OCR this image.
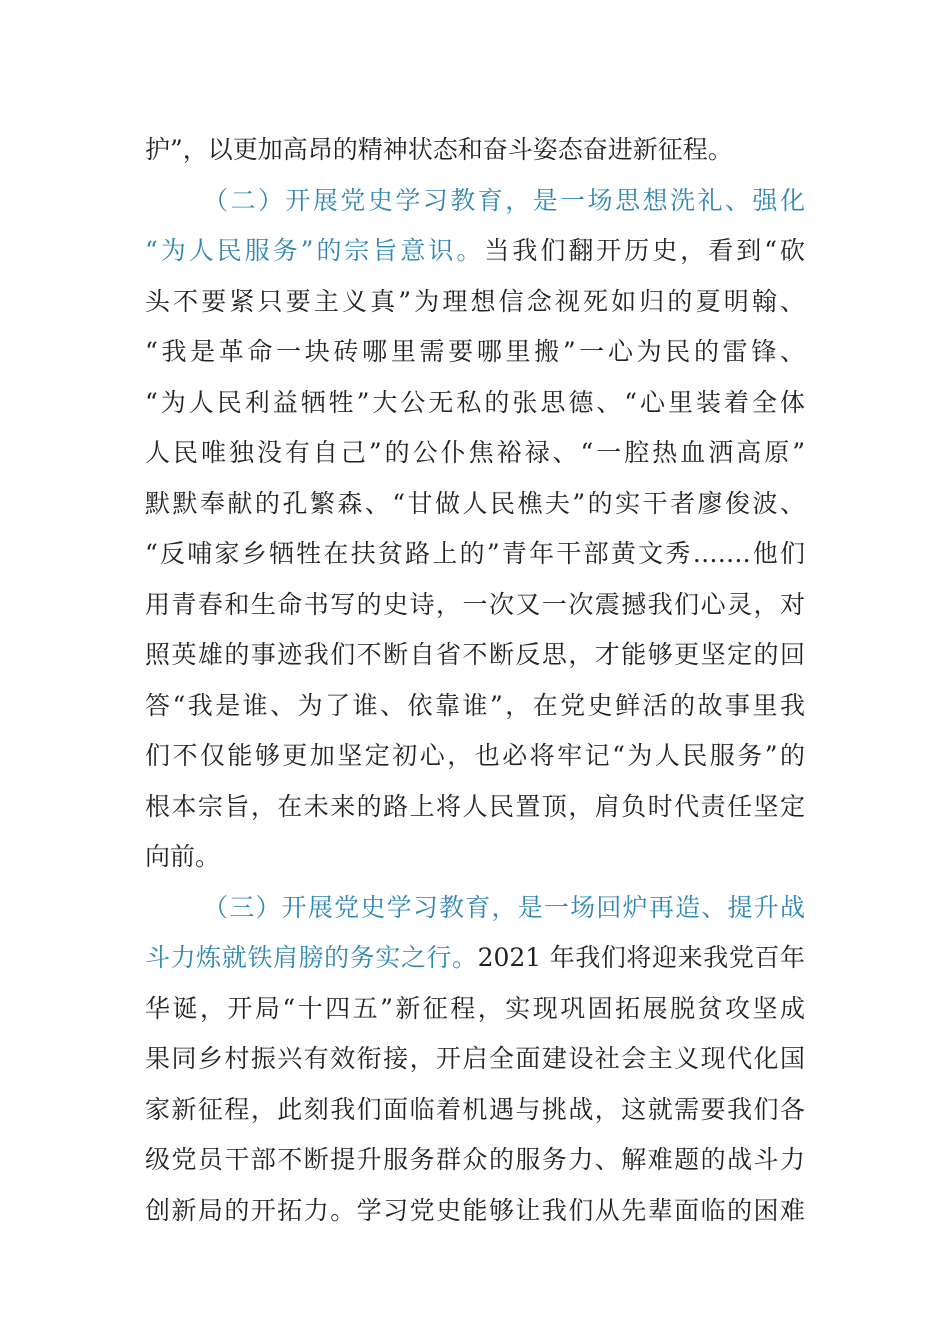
护”，以更加高昂的精神状态和奋斗姿态奋进新征程。
（二）开展党史学习教育，是一场思想洗礼、强化
“为人民服务”的宗旨意识。当我们翻开历史，看到“砍
头不要紧只要主义真”为理想信念视死如归的夏明翰、
“我是革命一块砖哪里需要哪里搬”一心为民的雷锋、
“为人民利益牺牲”大公无私的张思德、“心里装着全体
人民唯独没有自己”的公仆焦裕禄、“一腔热血洒高原”
默默奉献的孔繁森、“甘做人民樵夫”的实干者廖俊波、
“反哺家乡牺牲在扶贫路上的”青年干部黄文秀…….他们
用青春和生命书写的史诗，一次又一次震撼我们心灵，对
照英雄的事迹我们不断自省不断反思，才能够更坚定的回
答“我是谁、为了谁、依靠谁”，在党史鲜活的故事里我
们不仅能够更加坚定初心，也必将牢记“为人民服务”的
根本宗旨，在未来的路上将人民置顶，肩负时代责任坚定
向前。
（三）开展党史学习教育，是一场回炉再造、提升战
斗力炼就铁肩膀的务实之行。2021 年我们将迎来我党百年
华诞，开局“十四五”新征程，实现巩固拓展脱贫攻坚成
果同乡村振兴有效衔接，开启全面建设社会主义现代化国
家新征程，此刻我们面临着机遇与挑战，这就需要我们各
级党员干部不断提升服务群众的服务力、解难题的战斗力
创新局的开拓力。学习党史能够让我们从先辈面临的困难
